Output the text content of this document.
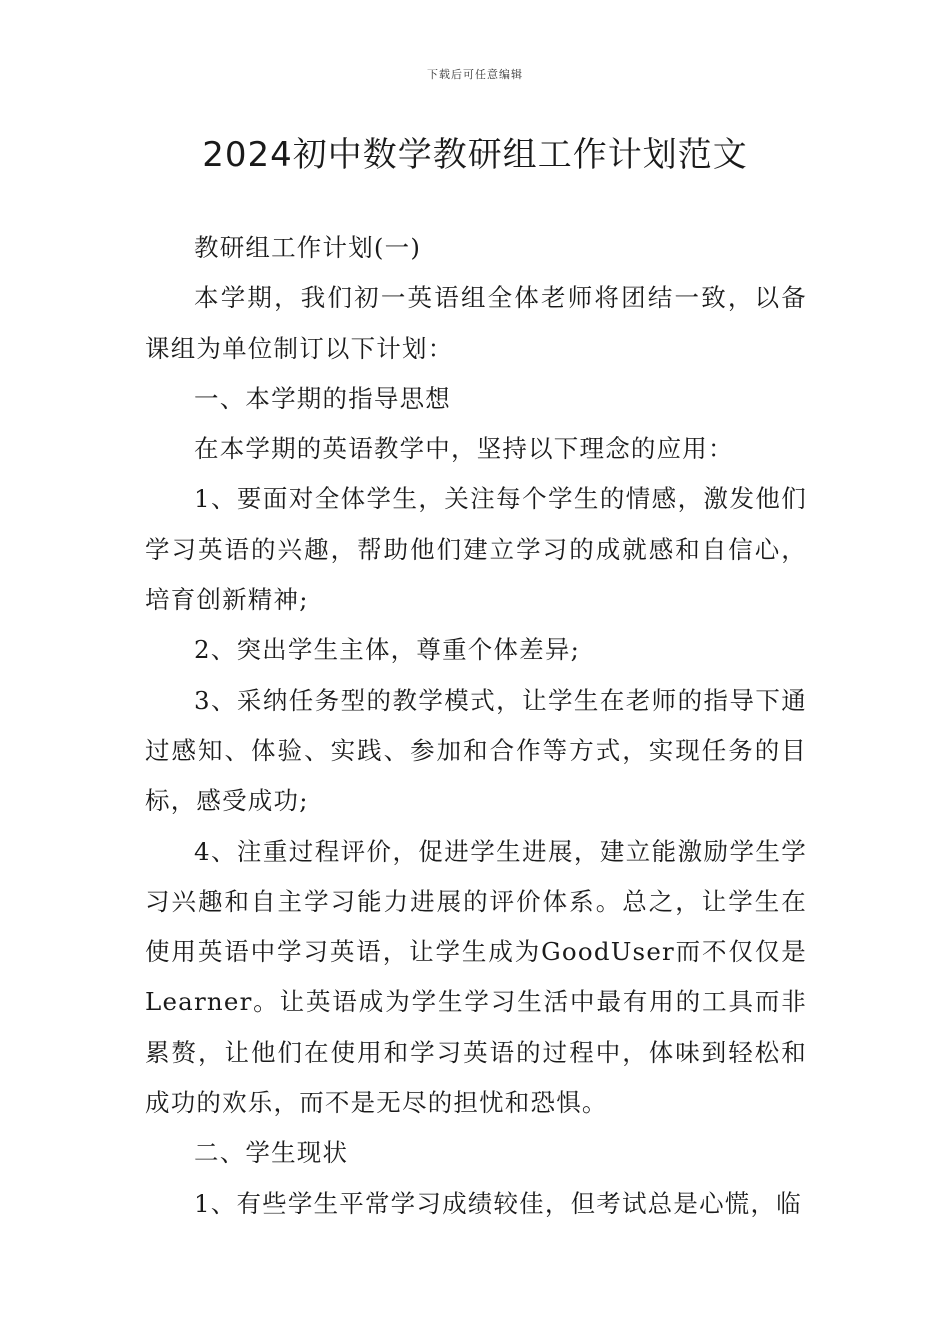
下载后可任意编辑
2024初中数学教研组工作计划范文

教研组工作计划(一)

本学期，我们初一英语组全体老师将团结一致，以备课组为单位制订以下计划：

一、本学期的指导思想

在本学期的英语教学中，坚持以下理念的应用：

1、要面对全体学生，关注每个学生的情感，激发他们学习英语的兴趣，帮助他们建立学习的成就感和自信心，培育创新精神;

2、突出学生主体，尊重个体差异;

3、采纳任务型的教学模式，让学生在老师的指导下通过感知、体验、实践、参加和合作等方式，实现任务的目标，感受成功;

4、注重过程评价，促进学生进展，建立能激励学生学习兴趣和自主学习能力进展的评价体系。总之，让学生在使用英语中学习英语，让学生成为GoodUser而不仅仅是Learner。让英语成为学生学习生活中最有用的工具而非累赘，让他们在使用和学习英语的过程中，体味到轻松和成功的欢乐，而不是无尽的担忧和恐惧。

二、学生现状

1、有些学生平常学习成绩较佳，但考试总是心慌，临
